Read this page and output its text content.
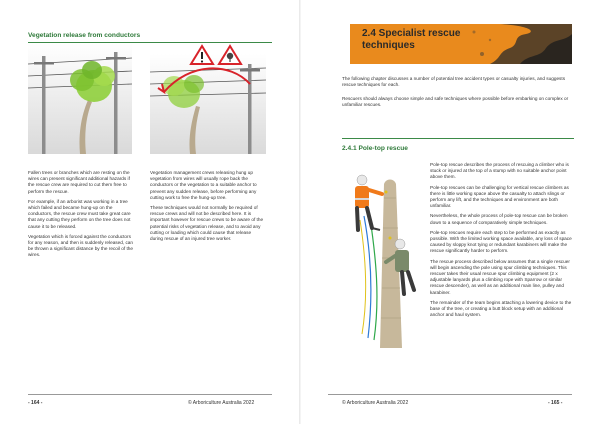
Vegetation release from conductors

Fallen trees or branches which are resting on the wires can present significant additional hazards if the rescue crew are required to cut them free to perform the rescue.

For example, if an arborist was working in a tree which failed and became hung-up on the conductors, the rescue crew must take great care that any cutting they perform on the tree does not cause it to be released.

Vegetation which is forced against the conductors for any reason, and then is suddenly released, can be thrown a significant distance by the recoil of the wires.

Vegetation management crews releasing hung up vegetation from wires will usually rope back the conductors or the vegetation to a suitable anchor to prevent any sudden release, before performing any cutting work to free the hung-up tree.

These techniques would not normally be required of rescue crews and will not be described here. It is important however for rescue crews to be aware of the potential risks of vegetation release, and to avoid any cutting or loading which could cause that release during rescue of an injured tree worker.

- 164 -	© Arboriculture Australia 2022
2.4 Specialist rescue techniques
The following chapter discusses a number of potential tree accident types or casualty injuries, and suggests rescue techniques for each.
Rescuers should always choose simple and safe techniques where possible before embarking on complex or unfamiliar rescues.
2.4.1 Pole-top rescue

Pole-top rescue describes the process of rescuing a climber who is stuck or injured at the top of a stump with no suitable anchor point above them.

Pole-top rescues can be challenging for vertical rescue climbers as there is little working space above the casualty to attach slings or perform any lift, and the techniques and environment are both unfamiliar.

Nevertheless, the whole process of pole-top rescue can be broken down to a sequence of comparatively simple techniques.

Pole-top rescues require each step to be performed as exactly as possible. With the limited working space available, any loss of space caused by sloppy knot tying or redundant karabiners will make the rescue significantly harder to perform.

The rescue process described below assumes that a single rescuer will begin ascending the pole using spur climbing techniques. This rescuer takes their usual rescue spur climbing equipment (2 x adjustable lanyards plus a climbing rope with Sparrow or similar rescue descender), as well as an additional main line, pulley and karabiner.

The remainder of the team begins attaching a lowering device to the base of the tree, or creating a butt block setup with an additional anchor and haul system.

© Arboriculture Australia 2022	- 165 -
